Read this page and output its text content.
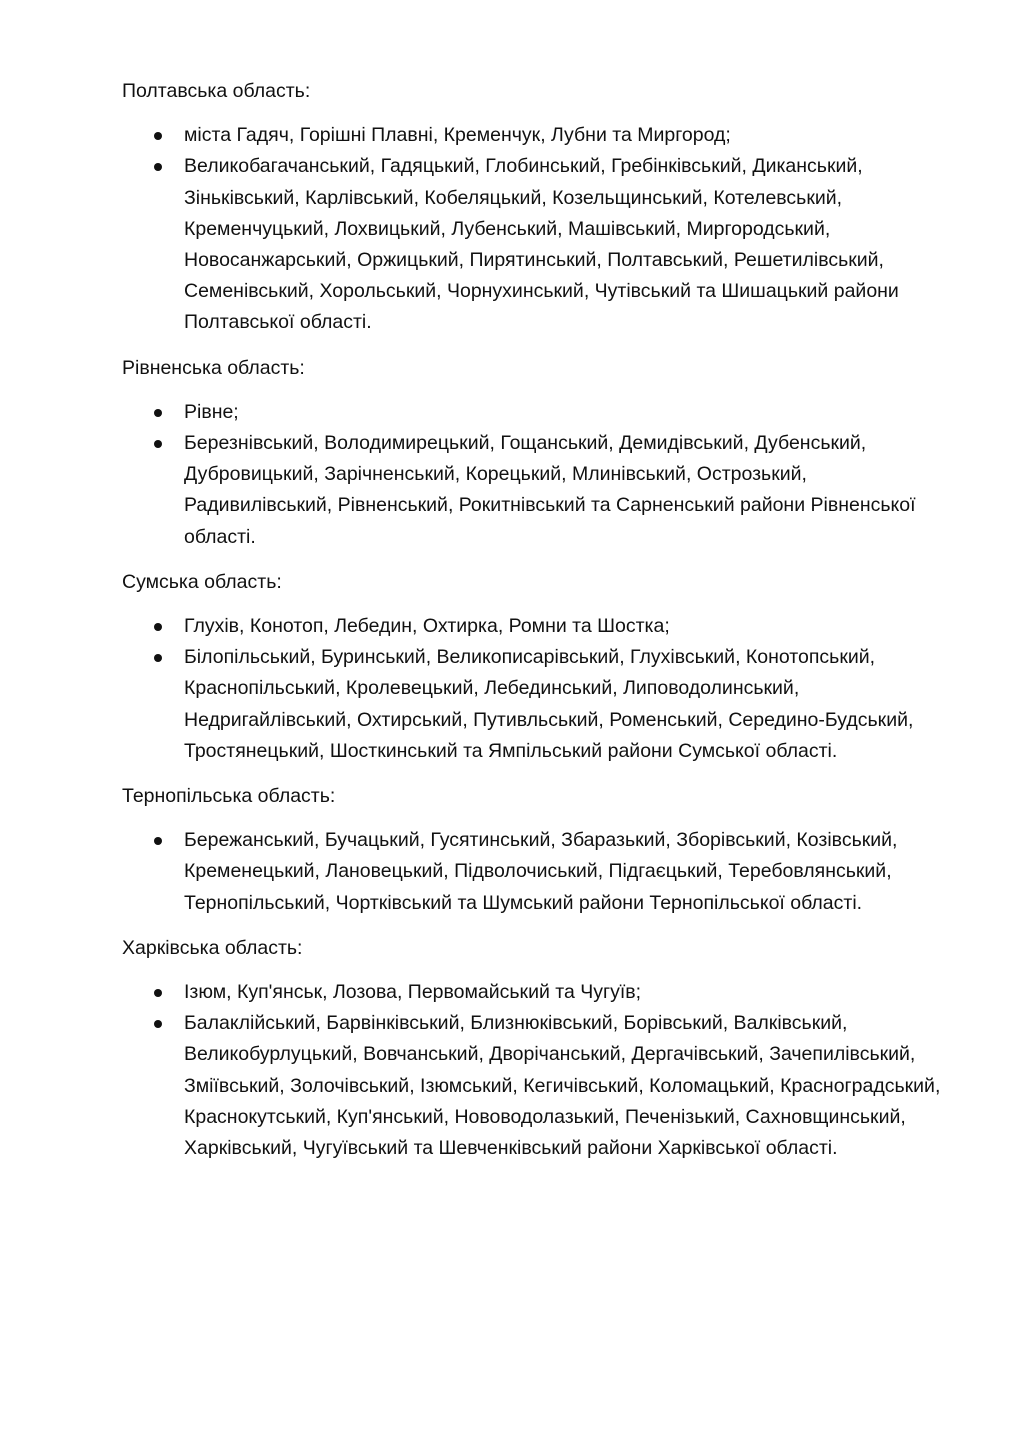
Полтавська область:

міста Гадяч, Горішні Плавні, Кременчук, Лубни та Миргород;
Великобагачанський, Гадяцький, Глобинський, Гребінківський, Диканський, Зіньківський, Карлівський, Кобеляцький, Козельщинський, Котелевський, Кременчуцький, Лохвицький, Лубенський, Машівський, Миргородський, Новосанжарський, Оржицький, Пирятинський, Полтавський, Решетилівський, Семенівський, Хорольський, Чорнухинський, Чутівський та Шишацький райони Полтавської області.

Рівненська область:

Рівне;
Березнівський, Володимирецький, Гощанський, Демидівський, Дубенський, Дубровицький, Зарічненський, Корецький, Млинівський, Острозький, Радивилівський, Рівненський, Рокитнівський та Сарненський райони Рівненської області.

Сумська область:

Глухів, Конотоп, Лебедин, Охтирка, Ромни та Шостка;
Білопільський, Буринський, Великописарівський, Глухівський, Конотопський, Краснопільський, Кролевецький, Лебединський, Липоводолинський, Недригайлівський, Охтирський, Путивльський, Роменський, Середино-Будський, Тростянецький, Шосткинський та Ямпільський райони Сумської області.

Тернопільська область:

Бережанський, Бучацький, Гусятинський, Збаразький, Зборівський, Козівський, Кременецький, Лановецький, Підволочиський, Підгаєцький, Теребовлянський, Тернопільський, Чортківський та Шумський райони Тернопільської області.

Харківська область:

Ізюм, Куп'янськ, Лозова, Первомайський та Чугуїв;
Балаклійський, Барвінківський, Близнюківський, Борівський, Валківський, Великобурлуцький, Вовчанський, Дворічанський, Дергачівський, Зачепилівський, Зміївський, Золочівський, Ізюмський, Кегичівський, Коломацький, Красноградський, Краснокутський, Куп'янський, Нововодолазький, Печенізький, Сахновщинський, Харківський, Чугуївський та Шевченківський райони Харківської області.
